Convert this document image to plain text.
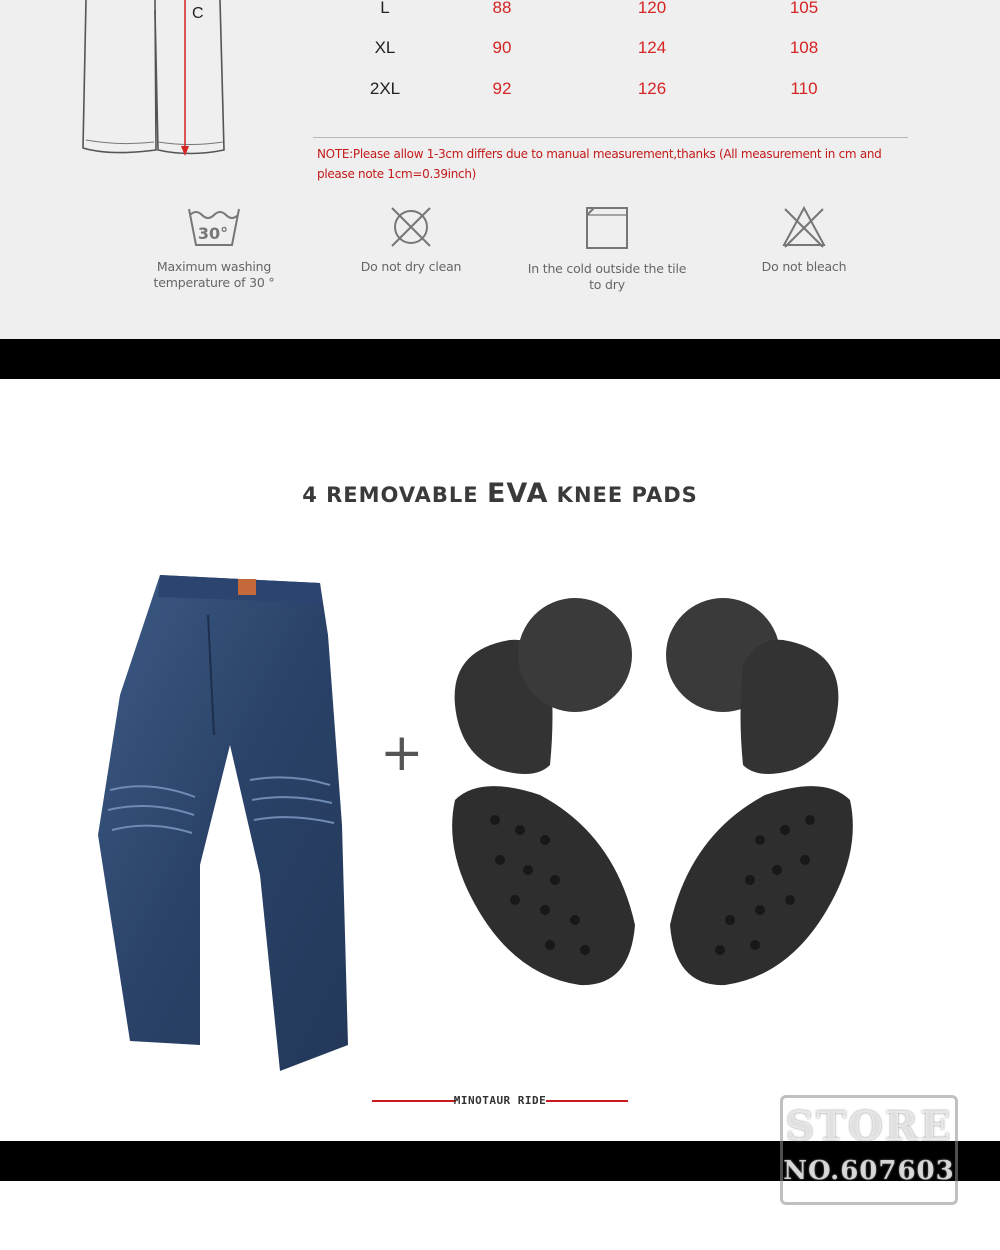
C	L	88	120	105
XL	90	124	108
2XL	92	126	110
NOTE:Please allow 1-3cm differs due to manual measurement,thanks (All measurement in cm and please note 1cm=0.39inch)
30°
Maximum washing temperature of 30 °
Do not dry clean	In the cold outside the tile to dry
Do not bleach
4 REMOVABLE EVA KNEE PADS
+
MINOTAUR RIDE
STORE
NO.607603
